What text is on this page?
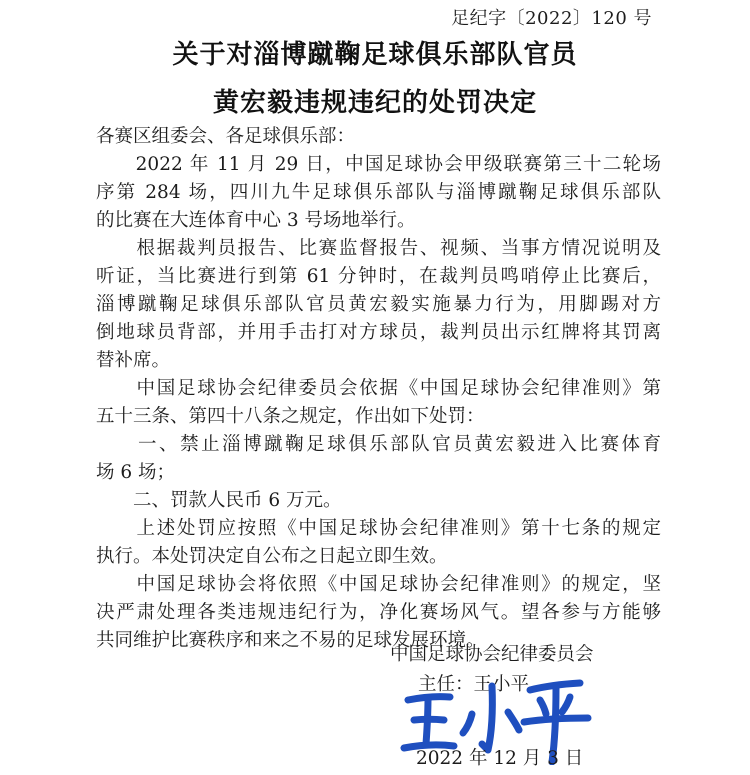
足纪字〔2022〕120 号
关于对淄博蹴鞠足球俱乐部队官员
黄宏毅违规违纪的处罚决定
各赛区组委会、各足球俱乐部：
　　2022 年 11 月 29 日，中国足球协会甲级联赛第三十二轮场
序第 284 场，四川九牛足球俱乐部队与淄博蹴鞠足球俱乐部队
的比赛在大连体育中心 3 号场地举行。
　　根据裁判员报告、比赛监督报告、视频、当事方情况说明及
听证，当比赛进行到第 61 分钟时，在裁判员鸣哨停止比赛后，
淄博蹴鞠足球俱乐部队官员黄宏毅实施暴力行为，用脚踢对方
倒地球员背部，并用手击打对方球员，裁判员出示红牌将其罚离
替补席。
　　中国足球协会纪律委员会依据《中国足球协会纪律准则》第
五十三条、第四十八条之规定，作出如下处罚：
　　一、禁止淄博蹴鞠足球俱乐部队官员黄宏毅进入比赛体育
场 6 场；
　　二、罚款人民币 6 万元。
　　上述处罚应按照《中国足球协会纪律准则》第十七条的规定
执行。本处罚决定自公布之日起立即生效。
　　中国足球协会将依照《中国足球协会纪律准则》的规定，坚
决严肃处理各类违规违纪行为，净化赛场风气。望各参与方能够
共同维护比赛秩序和来之不易的足球发展环境。
中国足球协会纪律委员会
主任：王小平
2022 年 12 月 3 日
